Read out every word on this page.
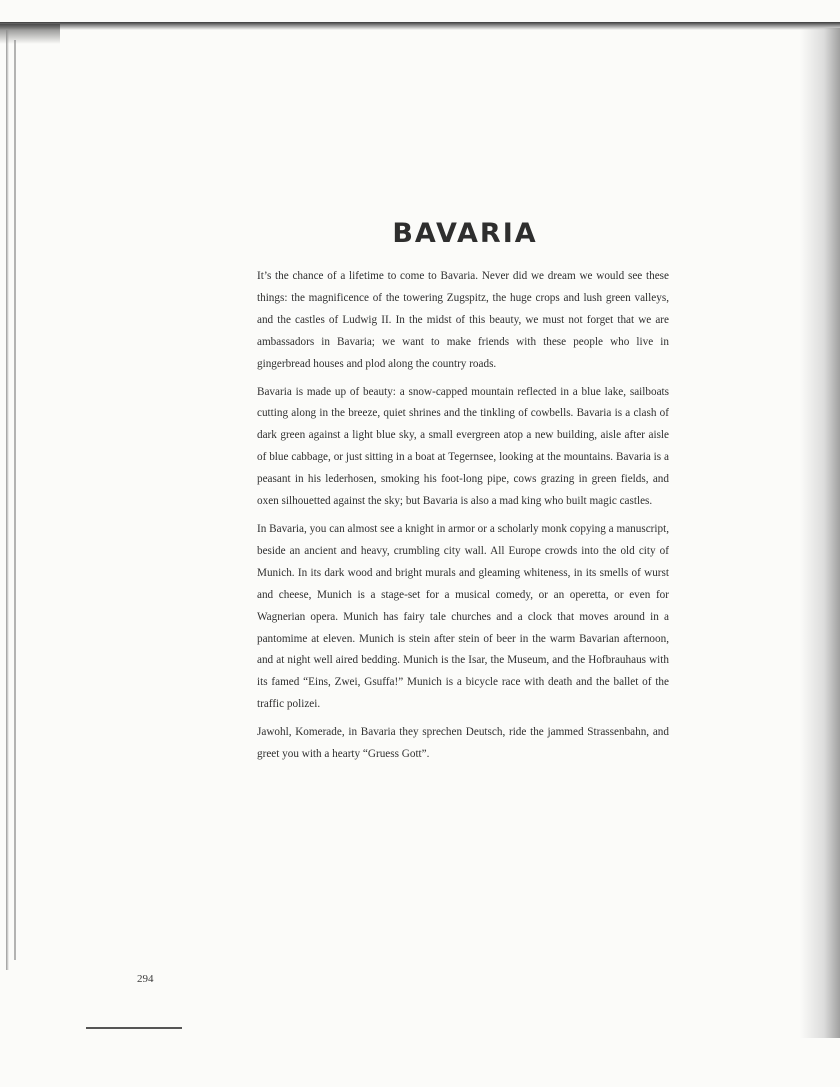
BAVARIA

It’s the chance of a lifetime to come to Bavaria. Never did we dream we would see these things: the magnificence of the towering Zugspitz, the huge crops and lush green valleys, and the castles of Ludwig II. In the midst of this beauty, we must not forget that we are ambassadors in Bavaria; we want to make friends with these people who live in gingerbread houses and plod along the country roads.

Bavaria is made up of beauty: a snow-capped mountain reflected in a blue lake, sailboats cutting along in the breeze, quiet shrines and the tinkling of cowbells. Bavaria is a clash of dark green against a light blue sky, a small evergreen atop a new building, aisle after aisle of blue cabbage, or just sitting in a boat at Tegernsee, looking at the mountains. Bavaria is a peasant in his lederhosen, smoking his foot-long pipe, cows grazing in green fields, and oxen silhouetted against the sky; but Bavaria is also a mad king who built magic castles.

In Bavaria, you can almost see a knight in armor or a scholarly monk copying a manuscript, beside an ancient and heavy, crumbling city wall. All Europe crowds into the old city of Munich. In its dark wood and bright murals and gleaming whiteness, in its smells of wurst and cheese, Munich is a stage-set for a musical comedy, or an operetta, or even for Wagnerian opera. Munich has fairy tale churches and a clock that moves around in a pantomime at eleven. Munich is stein after stein of beer in the warm Bavarian afternoon, and at night well aired bedding. Munich is the Isar, the Museum, and the Hofbrauhaus with its famed “Eins, Zwei, Gsuffa!” Munich is a bicycle race with death and the ballet of the traffic polizei.

Jawohl, Komerade, in Bavaria they sprechen Deutsch, ride the jammed Strassenbahn, and greet you with a hearty “Gruess Gott”.

294
